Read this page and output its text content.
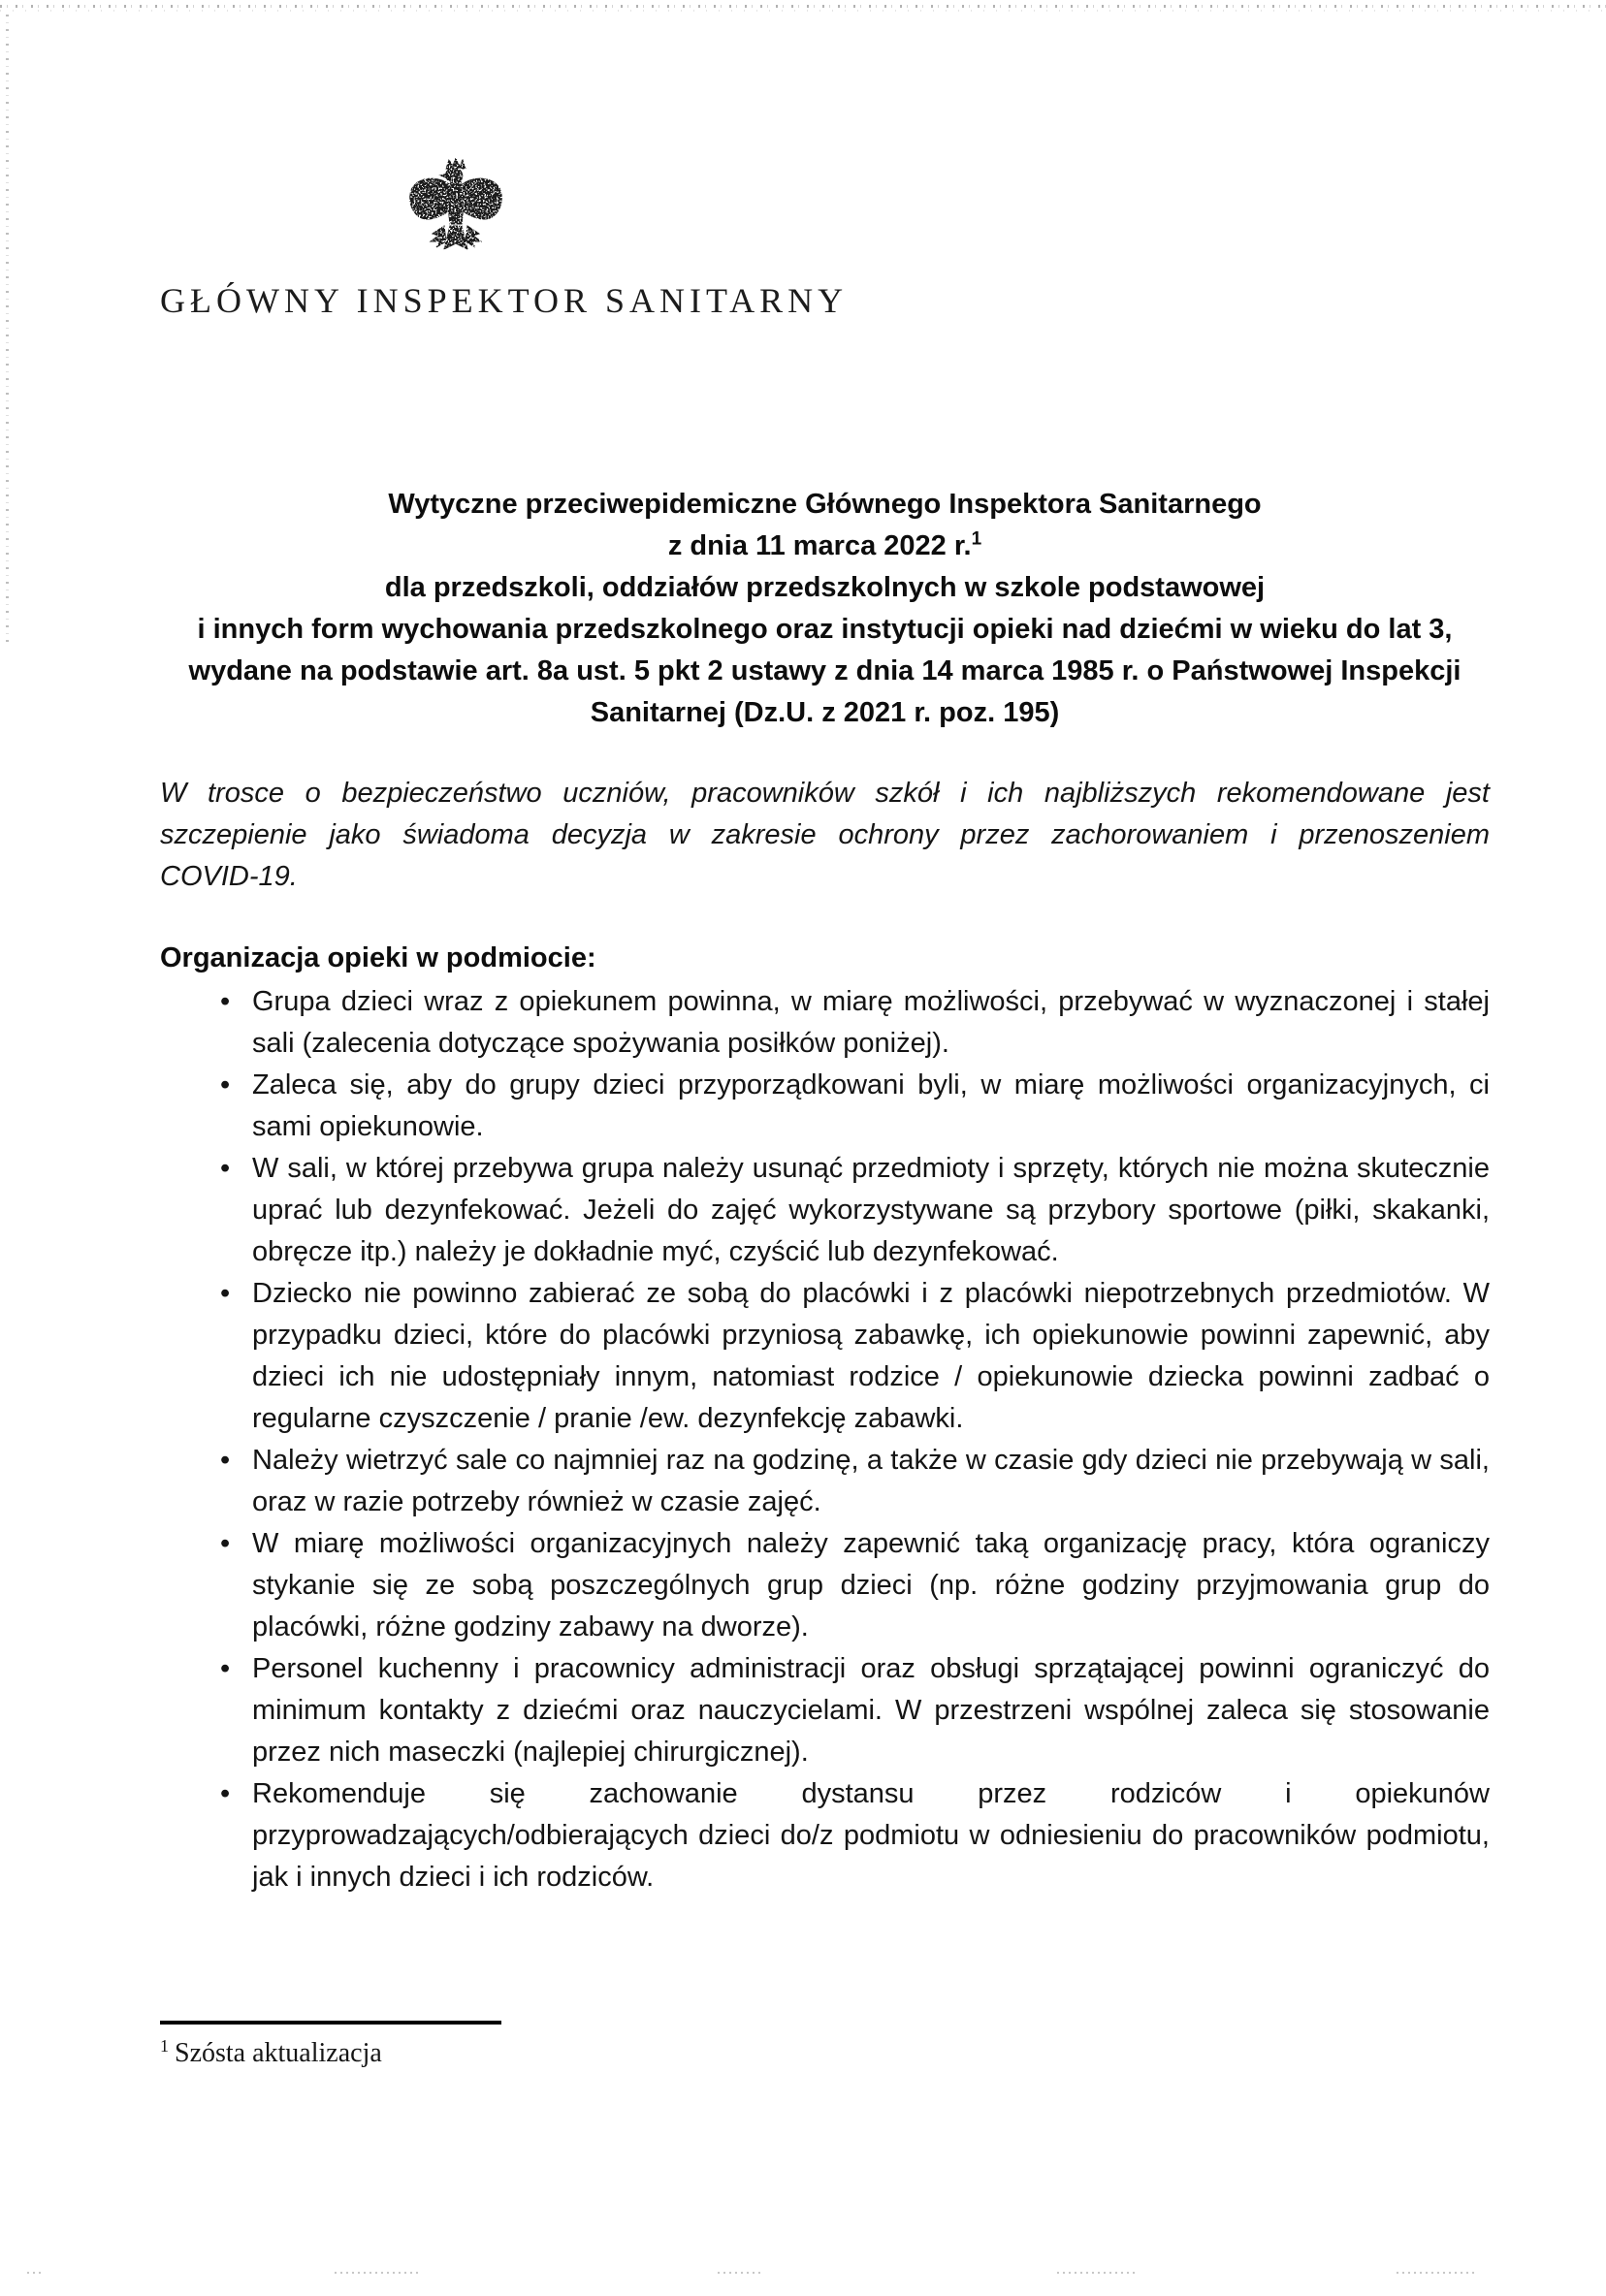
GŁÓWNY INSPEKTOR SANITARNY
Wytyczne przeciwepidemiczne Głównego Inspektora Sanitarnego
z dnia 11 marca 2022 r.$^1$
dla przedszkoli, oddziałów przedszkolnych w szkole podstawowej
i innych form wychowania przedszkolnego oraz instytucji opieki nad dziećmi w wieku do lat 3,
wydane na podstawie art. 8a ust. 5 pkt 2 ustawy z dnia 14 marca 1985 r. o Państwowej Inspekcji
Sanitarnej (Dz.U. z 2021 r. poz. 195)

W trosce o bezpieczeństwo uczniów, pracowników szkół i ich najbliższych rekomendowane jest szczepienie jako świadoma decyzja w zakresie ochrony przez zachorowaniem i przenoszeniem COVID-19.

Organizacja opieki w podmiocie:
• Grupa dzieci wraz z opiekunem powinna, w miarę możliwości, przebywać w wyznaczonej i stałej sali (zalecenia dotyczące spożywania posiłków poniżej).
• Zaleca się, aby do grupy dzieci przyporządkowani byli, w miarę możliwości organizacyjnych, ci sami opiekunowie.
• W sali, w której przebywa grupa należy usunąć przedmioty i sprzęty, których nie można skutecznie uprać lub dezynfekować. Jeżeli do zajęć wykorzystywane są przybory sportowe (piłki, skakanki, obręcze itp.) należy je dokładnie myć, czyścić lub dezynfekować.
• Dziecko nie powinno zabierać ze sobą do placówki i z placówki niepotrzebnych przedmiotów. W przypadku dzieci, które do placówki przyniosą zabawkę, ich opiekunowie powinni zapewnić, aby dzieci ich nie udostępniały innym, natomiast rodzice / opiekunowie dziecka powinni zadbać o regularne czyszczenie / pranie /ew. dezynfekcję zabawki.
• Należy wietrzyć sale co najmniej raz na godzinę, a także w czasie gdy dzieci nie przebywają w sali, oraz w razie potrzeby również w czasie zajęć.
• W miarę możliwości organizacyjnych należy zapewnić taką organizację pracy, która ograniczy stykanie się ze sobą poszczególnych grup dzieci (np. różne godziny przyjmowania grup do placówki, różne godziny zabawy na dworze).
• Personel kuchenny i pracownicy administracji oraz obsługi sprzątającej powinni ograniczyć do minimum kontakty z dziećmi oraz nauczycielami. W przestrzeni wspólnej zaleca się stosowanie przez nich maseczki (najlepiej chirurgicznej).
• Rekomenduje się zachowanie dystansu przez rodziców i opiekunów przyprowadzających/odbierających dzieci do/z podmiotu w odniesieniu do pracowników podmiotu, jak i innych dzieci i ich rodziców.
$^1$ Szósta aktualizacja
